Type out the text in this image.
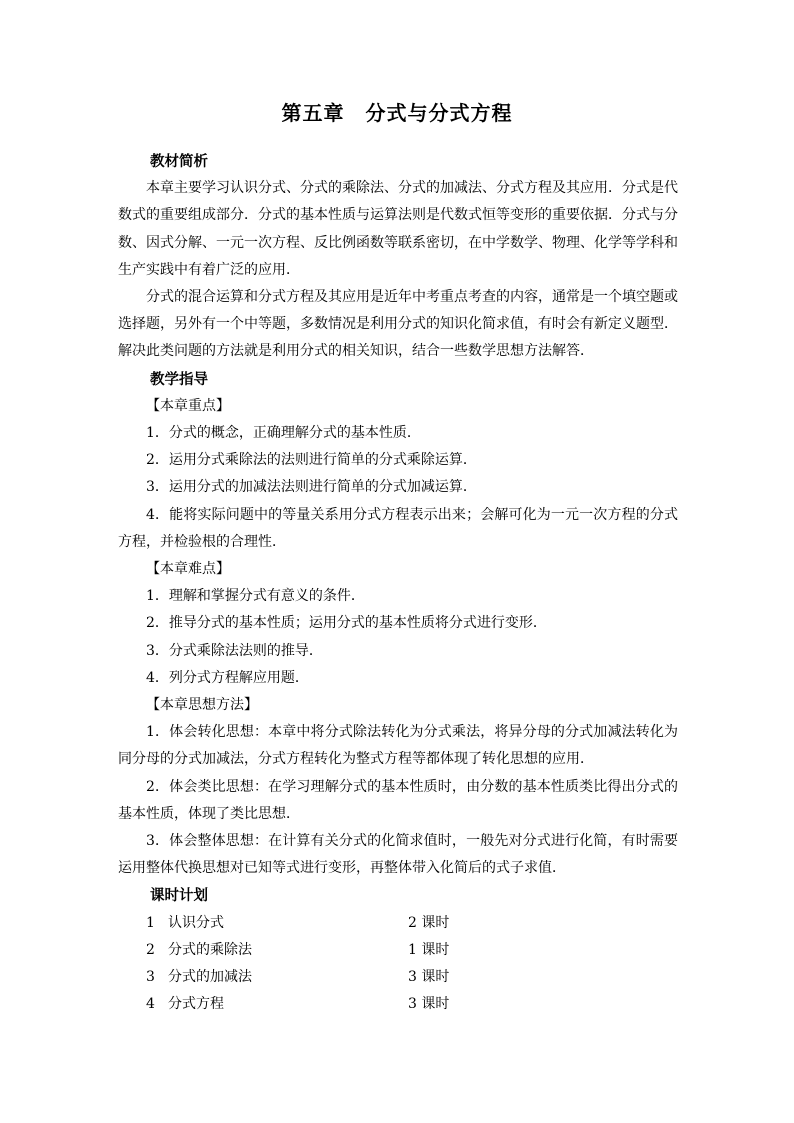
第五章　分式与分式方程

教材简析

本章主要学习认识分式、分式的乘除法、分式的加减法、分式方程及其应用．分式是代数式的重要组成部分．分式的基本性质与运算法则是代数式恒等变形的重要依据．分式与分数、因式分解、一元一次方程、反比例函数等联系密切，在中学数学、物理、化学等学科和生产实践中有着广泛的应用．

分式的混合运算和分式方程及其应用是近年中考重点考查的内容，通常是一个填空题或选择题，另外有一个中等题，多数情况是利用分式的知识化简求值，有时会有新定义题型．解决此类问题的方法就是利用分式的相关知识，结合一些数学思想方法解答．

教学指导

【本章重点】

1．分式的概念，正确理解分式的基本性质．

2．运用分式乘除法的法则进行简单的分式乘除运算．

3．运用分式的加减法法则进行简单的分式加减运算．

4．能将实际问题中的等量关系用分式方程表示出来；会解可化为一元一次方程的分式方程，并检验根的合理性．

【本章难点】

1．理解和掌握分式有意义的条件．

2．推导分式的基本性质；运用分式的基本性质将分式进行变形．

3．分式乘除法法则的推导．

4．列分式方程解应用题．

【本章思想方法】

1．体会转化思想：本章中将分式除法转化为分式乘法，将异分母的分式加减法转化为同分母的分式加减法，分式方程转化为整式方程等都体现了转化思想的应用．

2．体会类比思想：在学习理解分式的基本性质时，由分数的基本性质类比得出分式的基本性质，体现了类比思想．

3．体会整体思想：在计算有关分式的化简求值时，一般先对分式进行化简，有时需要运用整体代换思想对已知等式进行变形，再整体带入化简后的式子求值．

课时计划

1 认识分式	2 课时
2 分式的乘除法	1 课时
3 分式的加减法	3 课时
4 分式方程	3 课时
